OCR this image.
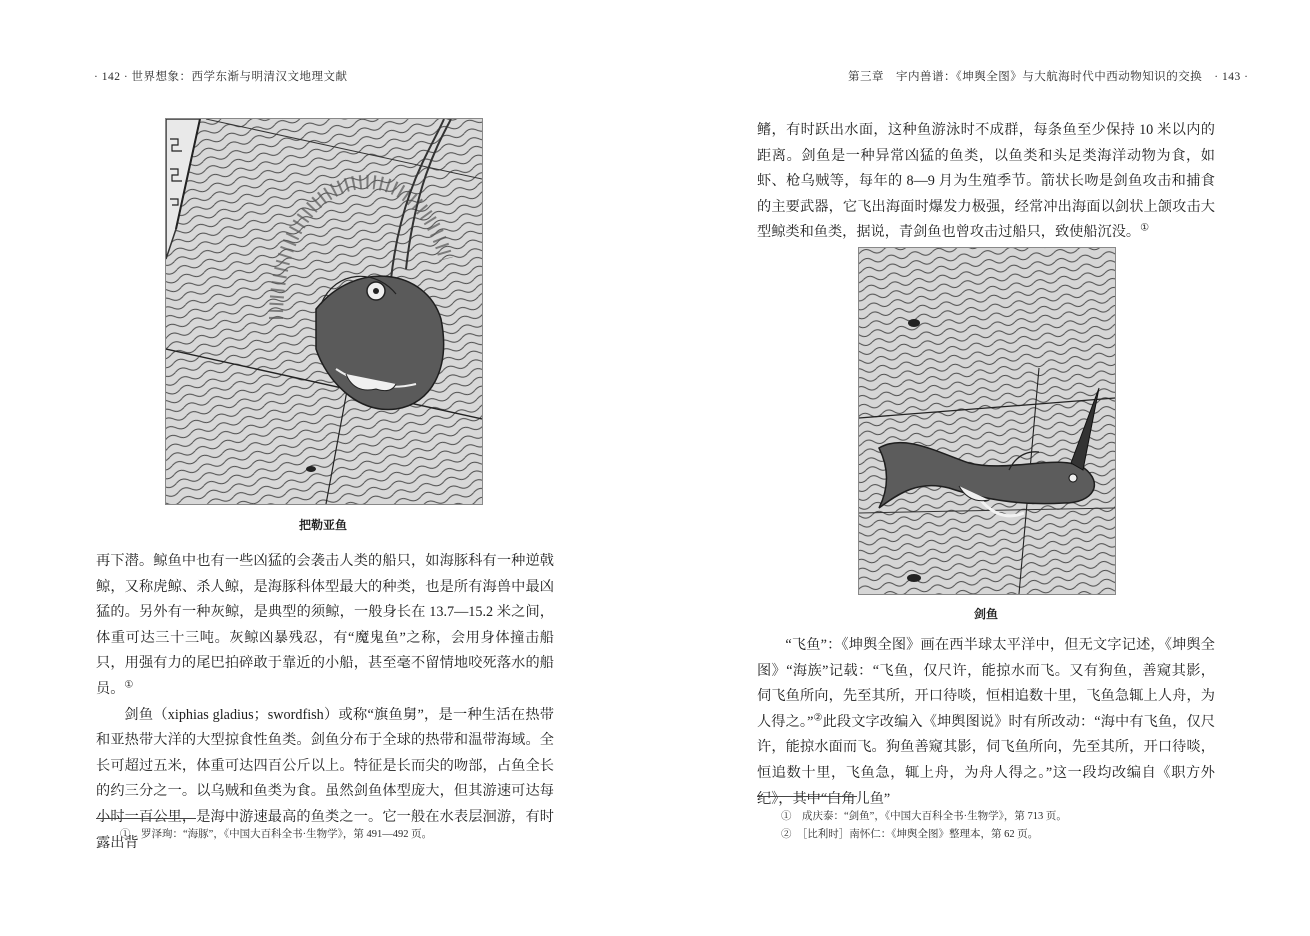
· 142 · 世界想象：西学东渐与明清汉文地理文献
把勒亚鱼

再下潜。鲸鱼中也有一些凶猛的会袭击人类的船只，如海豚科有一种逆戟鲸，又称虎鲸、杀人鲸，是海豚科体型最大的种类，也是所有海兽中最凶猛的。另外有一种灰鲸，是典型的须鲸，一般身长在 13.7—15.2 米之间，体重可达三十三吨。灰鲸凶暴残忍，有“魔鬼鱼”之称，会用身体撞击船只，用强有力的尾巴拍碎敢于靠近的小船，甚至毫不留情地咬死落水的船员。①

剑鱼（xiphias gladius；swordfish）或称“旗鱼舅”，是一种生活在热带和亚热带大洋的大型掠食性鱼类。剑鱼分布于全球的热带和温带海域。全长可超过五米，体重可达四百公斤以上。特征是长而尖的吻部，占鱼全长的约三分之一。以乌贼和鱼类为食。虽然剑鱼体型庞大，但其游速可达每小时一百公里，是海中游速最高的鱼类之一。它一般在水表层洄游，有时露出背

①　罗泽珣：“海豚”，《中国大百科全书·生物学》，第 491—492 页。
第三章　宇内兽谱：《坤舆全图》与大航海时代中西动物知识的交换　· 143 ·

鳍，有时跃出水面，这种鱼游泳时不成群，每条鱼至少保持 10 米以内的距离。剑鱼是一种异常凶猛的鱼类，以鱼类和头足类海洋动物为食，如虾、枪乌贼等，每年的 8—9 月为生殖季节。箭状长吻是剑鱼攻击和捕食的主要武器，它飞出海面时爆发力极强，经常冲出海面以剑状上颌攻击大型鲸类和鱼类，据说，青剑鱼也曾攻击过船只，致使船沉没。①

剑鱼

“飞鱼”：《坤舆全图》画在西半球太平洋中，但无文字记述，《坤舆全图》“海族”记载：“飞鱼，仅尺许，能掠水而飞。又有狗鱼，善窥其影，伺飞鱼所向，先至其所，开口待啖，恒相追数十里，飞鱼急辄上人舟，为人得之。”②此段文字改编入《坤舆图说》时有所改动：“海中有飞鱼，仅尺许，能掠水面而飞。狗鱼善窥其影，伺飞鱼所向，先至其所，开口待啖，恒追数十里，飞鱼急，辄上舟，为舟人得之。”这一段均改编自《职方外纪》，其中“白角儿鱼”

①　成庆泰：“剑鱼”，《中国大百科全书·生物学》，第 713 页。
②　［比利时］南怀仁：《坤舆全图》整理本，第 62 页。
